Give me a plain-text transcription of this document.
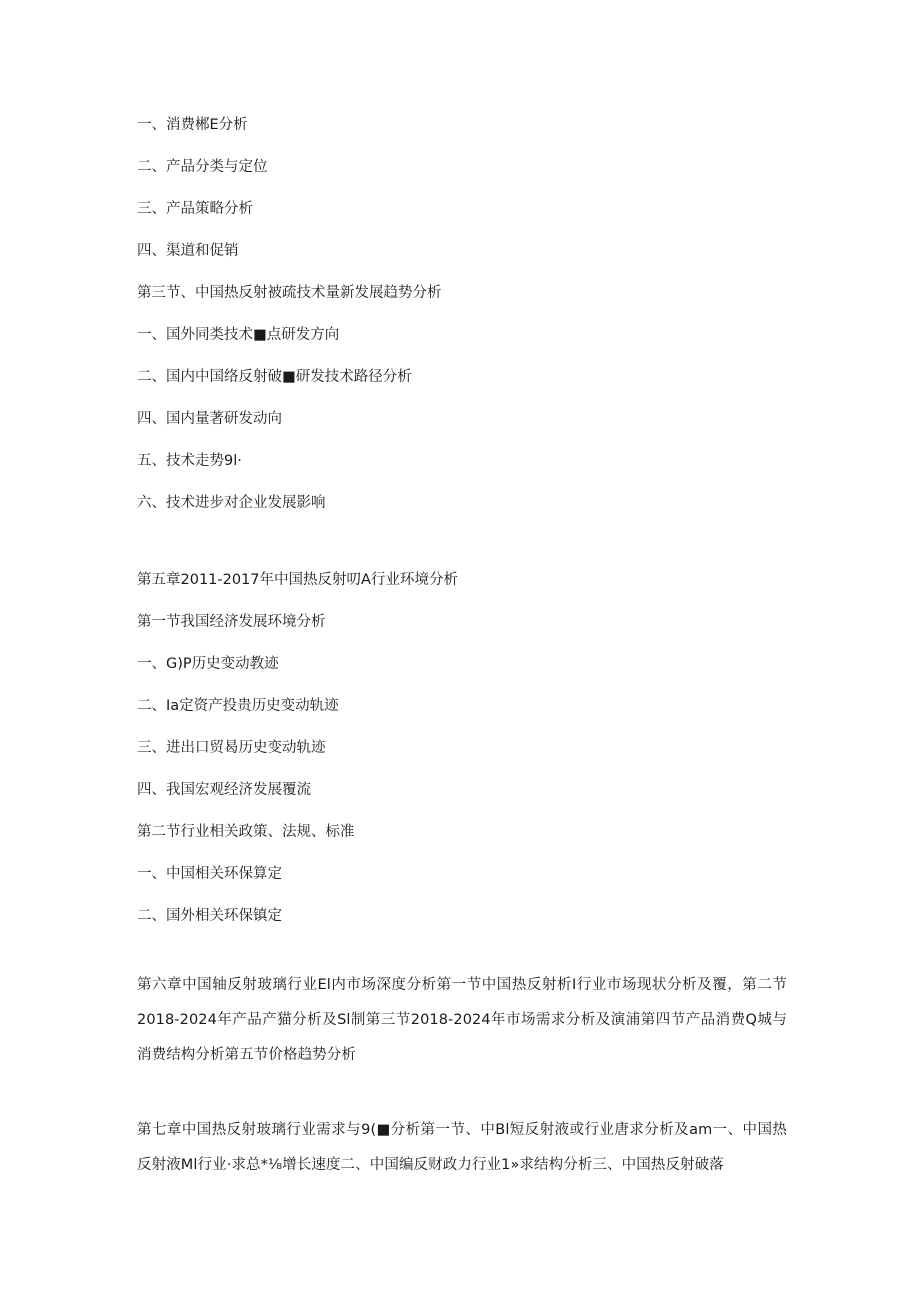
一、消费郴E分析
二、产品分类与定位
三、产品策略分析
四、渠道和促销
第三节、中国热反射被疏技术量新发展趋势分析
一、国外同类技术■点研发方向
二、国内中国络反射破■研发技术路径分析
四、国内量著研发动向
五、技术走势9l·
六、技术进步对企业发展影响
第五章2011-2017年中国热反射叨A行业环境分析
第一节我国经济发展环境分析
一、G)P历史变动教迹
二、Ia定资产投贵历史变动轨迹
三、进出口贸曷历史变动轨迹
四、我国宏观经济发展覆流
第二节行业相关政策、法规、标准
一、中国相关环保算定
二、国外相关环保镇定
第六章中国轴反射玻璃行业El内市场深度分析第一节中国热反射析I行业市场现状分析及覆，第二节2018-2024年产品产猫分析及Sl制第三节2018-2024年市场需求分析及演浦第四节产品消费Q城与消费结构分析第五节价格趋势分析
第七章中国热反射玻璃行业需求与9(■分析第一节、中Bl短反射液或行业唐求分析及am一、中国热反射液Ml行业·求总*⅛增长速度二、中国编反财政力行业1»求结构分析三、中国热反射破落
